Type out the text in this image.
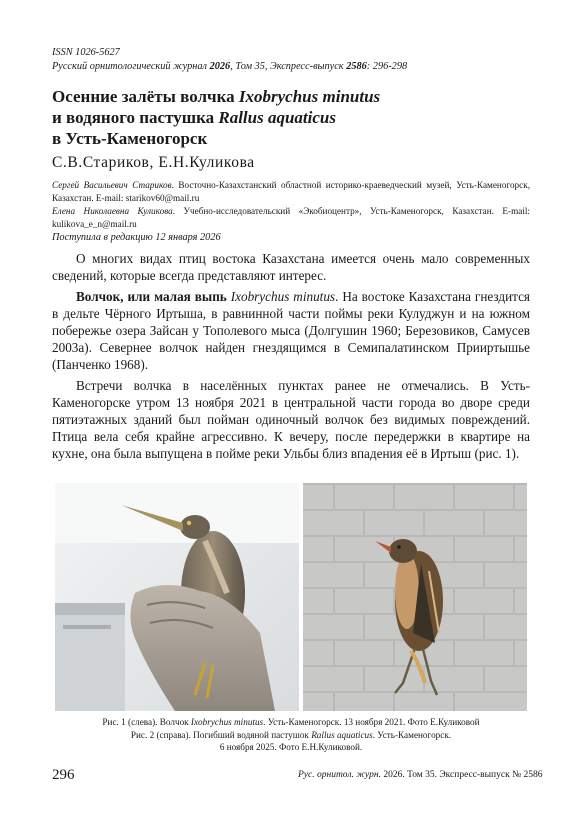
ISSN 1026-5627
Русский орнитологический журнал 2026, Том 35, Экспресс-выпуск 2586: 296-298
Осенние залёты волчка Ixobrychus minutus
и водяного пастушка Rallus aquaticus
в Усть-Каменогорск
С.В.Стариков, Е.Н.Куликова

Сергей Васильевич Стариков. Восточно-Казахстанский областной историко-краеведческий музей, Усть-Каменогорск, Казахстан. E-mail: starikov60@mail.ru

Елена Николаевна Куликова. Учебно-исследовательский «Экобиоцентр», Усть-Каменогорск, Казахстан. E-mail: kulikova_e_n@mail.ru

Поступила в редакцию 12 января 2026

О многих видах птиц востока Казахстана имеется очень мало современных сведений, которые всегда представляют интерес.

Волчок, или малая выпь Ixobrychus minutus. На востоке Казахстана гнездится в дельте Чёрного Иртыша, в равнинной части поймы реки Кулуджун и на южном побережье озера Зайсан у Тополевого мыса (Долгушин 1960; Березовиков, Самусев 2003а). Севернее волчок найден гнездящимся в Семипалатинском Прииртышье (Панченко 1968).

Встречи волчка в населённых пунктах ранее не отмечались. В Усть-Каменогорске утром 13 ноября 2021 в центральной части города во дворе среди пятиэтажных зданий был пойман одиночный волчок без видимых повреждений. Птица вела себя крайне агрессивно. К вечеру, после передержки в квартире на кухне, она была выпущена в пойме реки Ульбы близ впадения её в Иртыш (рис. 1).

Рис. 1 (слева). Волчок Ixobrychus minutus. Усть-Каменогорск. 13 ноября 2021. Фото Е.Куликовой
Рис. 2 (справа). Погибший водяной пастушок Rallus aquaticus. Усть-Каменогорск.
6 ноября 2025. Фото Е.Н.Куликовой.
296	Рус. орнитол. журн. 2026. Том 35. Экспресс-выпуск № 2586
